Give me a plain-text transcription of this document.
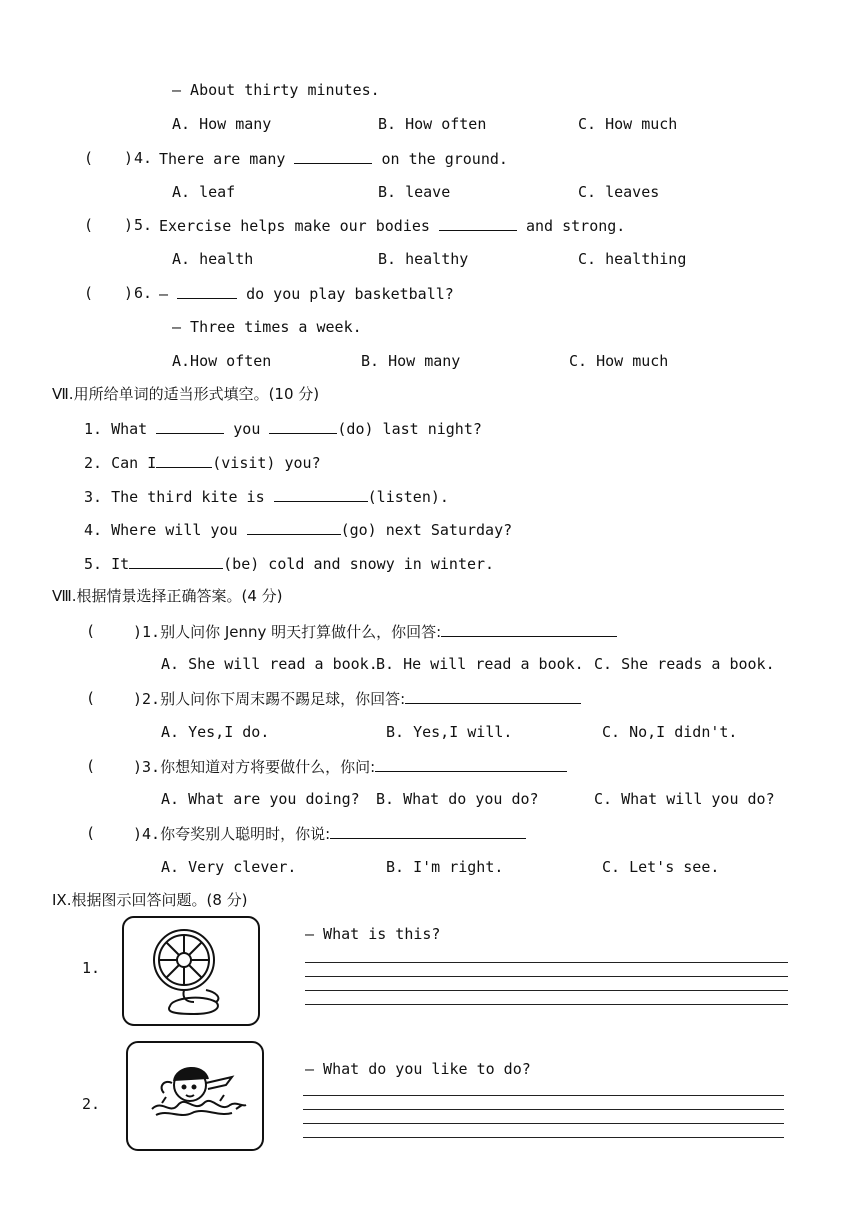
— About thirty minutes.
A. How many	B. How often	C. How much
( ) 4. There are many	on the ground.
A. leaf	B. leave	C. leaves
( ) 5. Exercise helps make our bodies	and strong.
A. health	B. healthy	C. healthing
( ) 6. —	do you play basketball?
— Three times a week.
A.How often	B. How many	C. How much
Ⅶ.用所给单词的适当形式填空。(10 分)
1. What	you	(do) last night?
2. Can I	(visit) you?
3. The third kite is	(listen).
4. Where will you	(go) next Saturday?
5. It	(be) cold and snowy in winter.
Ⅷ.根据情景选择正确答案。(4 分)
(	)1.别人问你 Jenny 明天打算做什么，你回答:
A. She will read a book.
B. He will read a book. C. She reads a book.
(	)2.别人问你下周末踢不踢足球，你回答:
A. Yes,I do.	B. Yes,I will.	C. No,I didn't.
(	)3.你想知道对方将要做什么，你问:
A. What are you doing? B. What do you do?	C. What will you do?
(	)4.你夸奖别人聪明时，你说:
A. Very clever.	B. I'm right.	C. Let's see.
IX.根据图示回答问题。(8 分)
1.
— What is this?
2.
— What do you like to do?
